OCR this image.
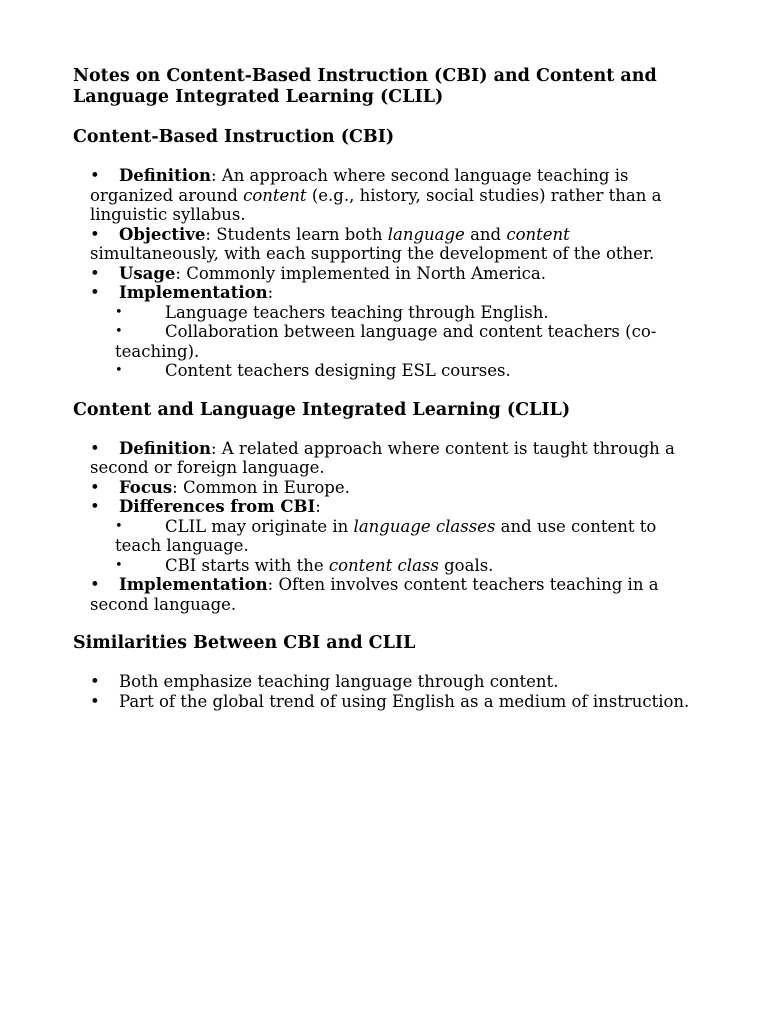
Notes on Content-Based Instruction (CBI) and Content and
Language Integrated Learning (CLIL)
Content-Based Instruction (CBI)
• Definition: An approach where second language teaching is organized around content (e.g., history, social studies) rather than a linguistic syllabus.
• Objective: Students learn both language and content simultaneously, with each supporting the development of the other.
• Usage: Commonly implemented in North America.
• Implementation:
•	Language teachers teaching through English.
•	Collaboration between language and content teachers (co-teaching).
•	Content teachers designing ESL courses.
Content and Language Integrated Learning (CLIL)
• Definition: A related approach where content is taught through a second or foreign language.
• Focus: Common in Europe.
• Differences from CBI:
•	CLIL may originate in language classes and use content to teach language.
•	CBI starts with the content class goals.
• Implementation: Often involves content teachers teaching in a second language.
Similarities Between CBI and CLIL
• Both emphasize teaching language through content.
• Part of the global trend of using English as a medium of instruction.
